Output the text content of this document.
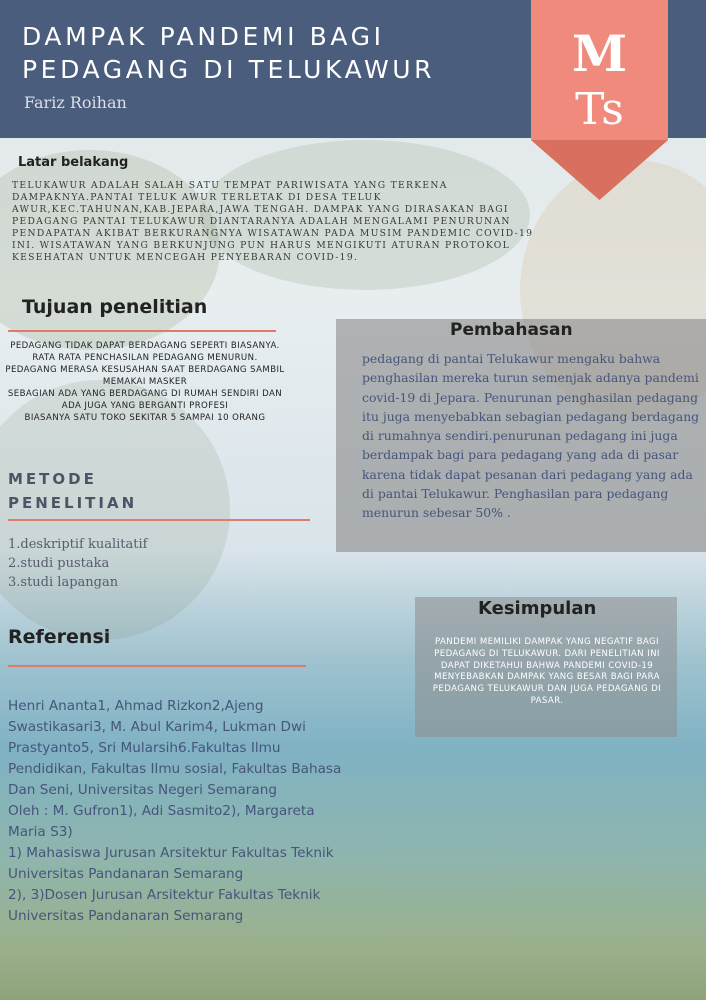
DAMPAK PANDEMI BAGI
PEDAGANG DI TELUKAWUR
Fariz Roihan
M
Ts
Latar belakang

TELUKAWUR ADALAH SALAH SATU TEMPAT PARIWISATA YANG TERKENA DAMPAKNYA.PANTAI TELUK AWUR TERLETAK DI DESA TELUK AWUR,KEC.TAHUNAN,KAB.JEPARA,JAWA TENGAH. DAMPAK YANG DIRASAKAN BAGI PEDAGANG PANTAI TELUKAWUR DIANTARANYA ADALAH MENGALAMI PENURUNAN PENDAPATAN AKIBAT BERKURANGNYA WISATAWAN PADA MUSIM PANDEMIC COVID-19 INI. WISATAWAN YANG BERKUNJUNG PUN HARUS MENGIKUTI ATURAN PROTOKOL KESEHATAN UNTUK MENCEGAH PENYEBARAN COVID-19.

Tujuan penelitian
PEDAGANG TIDAK DAPAT BERDAGANG SEPERTI BIASANYA.
RATA RATA PENCHASILAN PEDAGANG MENURUN.
PEDAGANG MERASA KESUSAHAN SAAT BERDAGANG SAMBIL
MEMAKAI MASKER
SEBAGIAN ADA YANG BERDAGANG DI RUMAH SENDIRI DAN
ADA JUGA YANG BERGANTI PROFESI
BIASANYA SATU TOKO SEKITAR 5 SAMPAI 10 ORANG
METODE PENELITIAN
1.deskriptif kualitatif
2.studi pustaka
3.studi lapangan
Pembahasan

pedagang di pantai Telukawur mengaku bahwa penghasilan mereka turun semenjak adanya pandemi covid-19 di Jepara. Penurunan penghasilan pedagang itu juga menyebabkan sebagian pedagang berdagang di rumahnya sendiri.penurunan pedagang ini juga berdampak bagi para pedagang yang ada di pasar karena tidak dapat pesanan dari pedagang yang ada di pantai Telukawur. Penghasilan para pedagang menurun sebesar 50% .

Kesimpulan

PANDEMI MEMILIKI DAMPAK YANG NEGATIF BAGI PEDAGANG DI TELUKAWUR. DARI PENELITIAN INI DAPAT DIKETAHUI BAHWA PANDEMI COVID-19 MENYEBABKAN DAMPAK YANG BESAR BAGI PARA PEDAGANG TELUKAWUR DAN JUGA PEDAGANG DI PASAR.

Referensi

Henri Ananta1, Ahmad Rizkon2,Ajeng
Swastikasari3, M. Abul Karim4, Lukman Dwi
Prastyanto5, Sri Mularsih6.Fakultas Ilmu
Pendidikan, Fakultas Ilmu sosial, Fakultas Bahasa
Dan Seni, Universitas Negeri Semarang
Oleh : M. Gufron1), Adi Sasmito2), Margareta
Maria S3)
1) Mahasiswa Jurusan Arsitektur Fakultas Teknik
Universitas Pandanaran Semarang
2), 3)Dosen Jurusan Arsitektur Fakultas Teknik
Universitas Pandanaran Semarang
